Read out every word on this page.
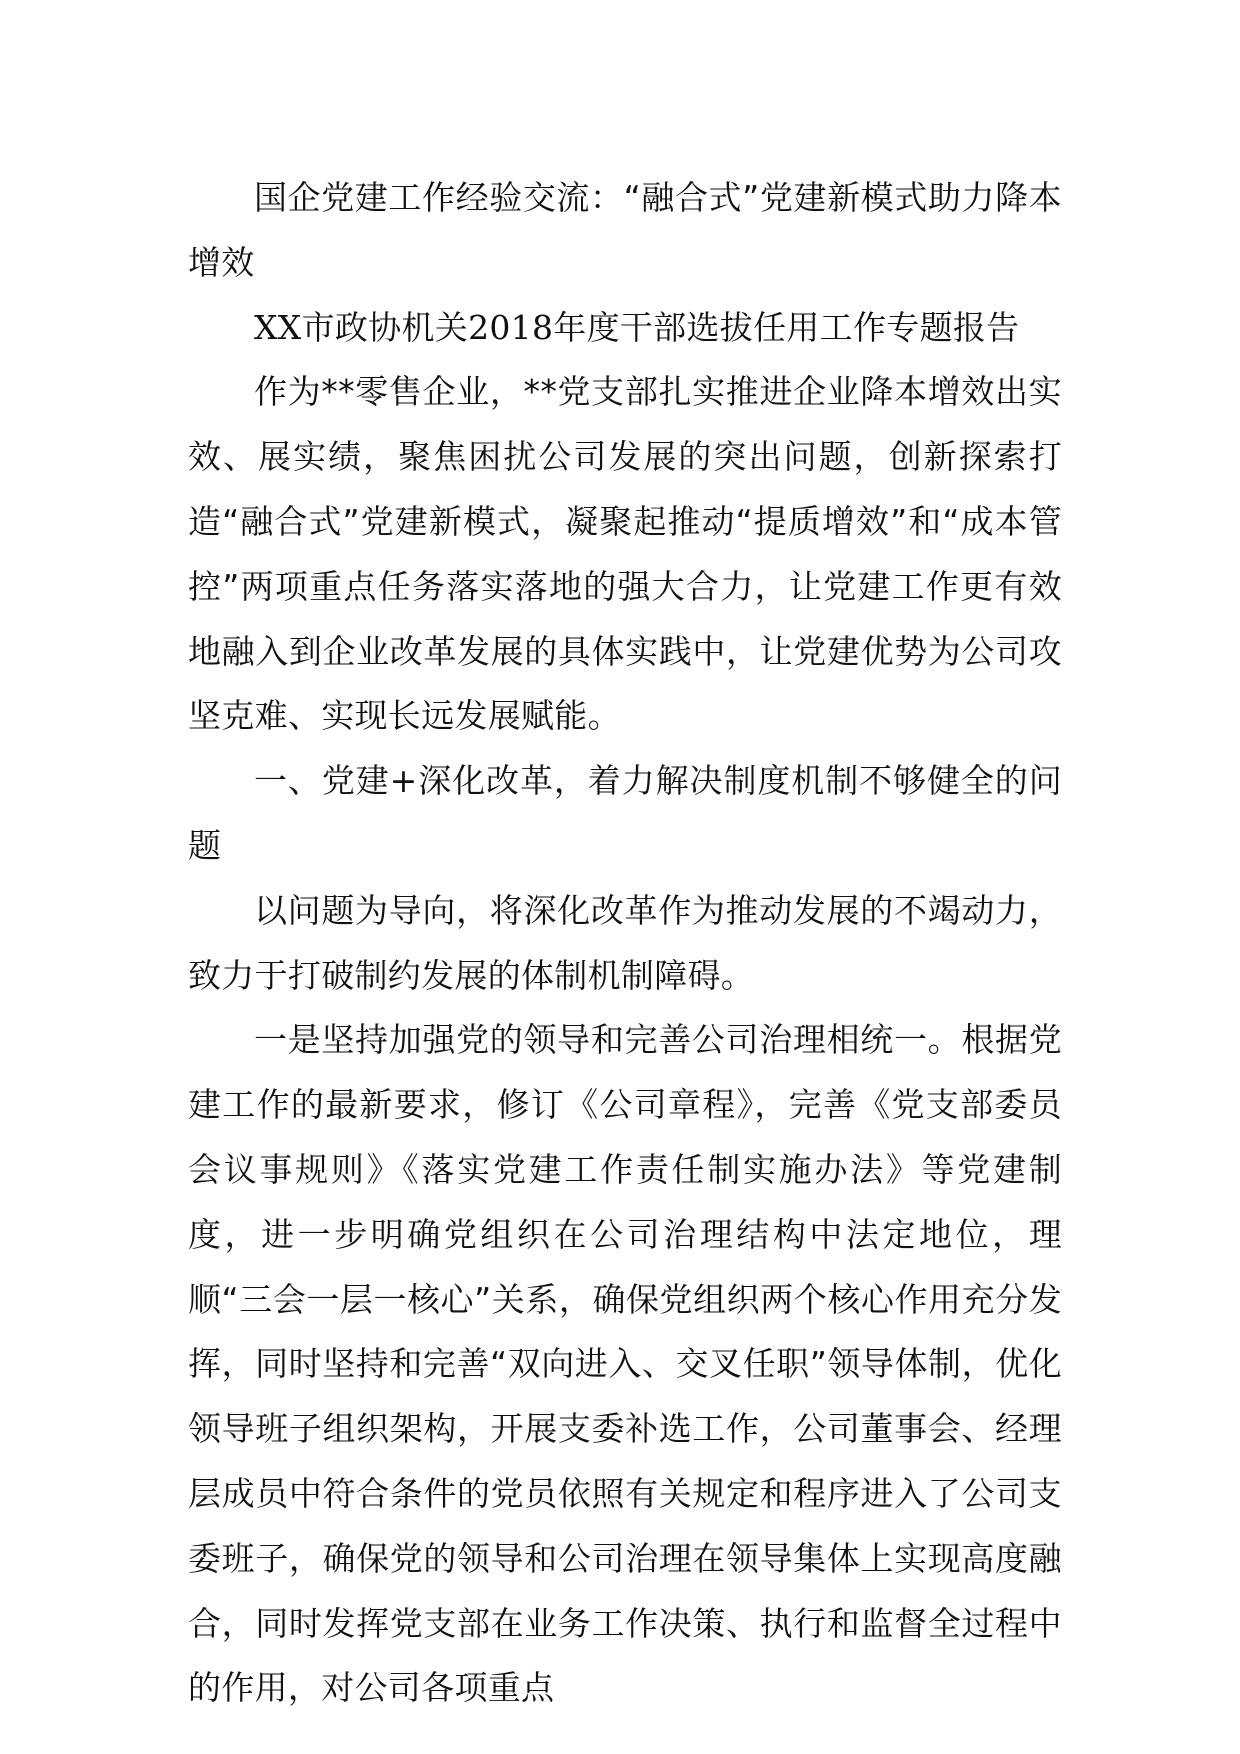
国企党建工作经验交流：“融合式”党建新模式助力降本增效

XX市政协机关2018年度干部选拔任用工作专题报告

作为**零售企业，**党支部扎实推进企业降本增效出实效、展实绩，聚焦困扰公司发展的突出问题，创新探索打造“融合式”党建新模式，凝聚起推动“提质增效”和“成本管控”两项重点任务落实落地的强大合力，让党建工作更有效地融入到企业改革发展的具体实践中，让党建优势为公司攻坚克难、实现长远发展赋能。

一、党建+深化改革，着力解决制度机制不够健全的问题

以问题为导向，将深化改革作为推动发展的不竭动力，致力于打破制约发展的体制机制障碍。

一是坚持加强党的领导和完善公司治理相统一。根据党建工作的最新要求，修订《公司章程》，完善《党支部委员会议事规则》《落实党建工作责任制实施办法》等党建制度，进一步明确党组织在公司治理结构中法定地位，理顺“三会一层一核心”关系，确保党组织两个核心作用充分发挥，同时坚持和完善“双向进入、交叉任职”领导体制，优化领导班子组织架构，开展支委补选工作，公司董事会、经理层成员中符合条件的党员依照有关规定和程序进入了公司支委班子，确保党的领导和公司治理在领导集体上实现高度融合，同时发挥党支部在业务工作决策、执行和监督全过程中的作用，对公司各项重点
